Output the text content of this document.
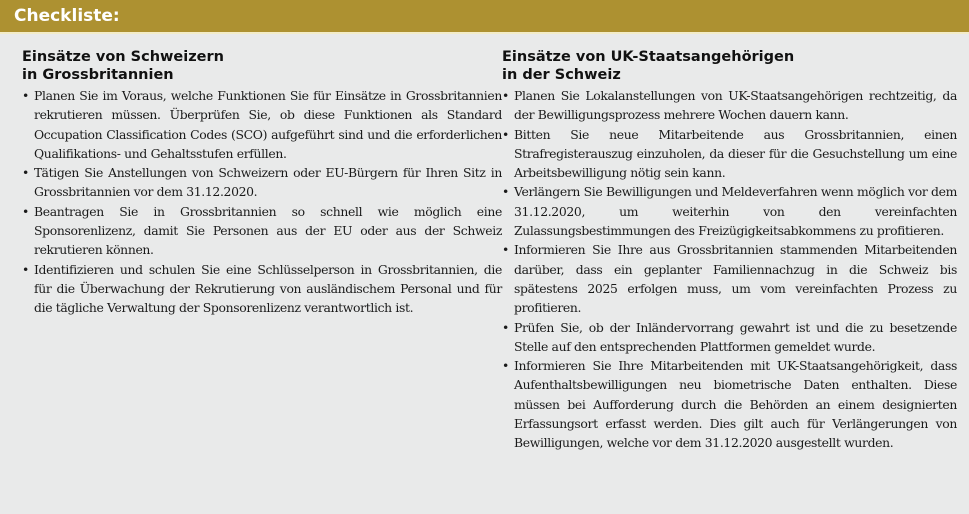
Checkliste:
Einsätze von Schweizern
in Grossbritannien
• Planen Sie im Voraus, welche Funktionen Sie für Einsätze in Grossbritannien rekrutieren müssen. Überprüfen Sie, ob diese Funktionen als Standard Occupation Classification Codes (SCO) aufgeführt sind und die erforderlichen Qualifikations- und Gehaltsstufen erfüllen.
• Tätigen Sie Anstellungen von Schweizern oder EU-Bürgern für Ihren Sitz in Grossbritannien vor dem 31.12.2020.
• Beantragen Sie in Grossbritannien so schnell wie möglich eine Sponsorenlizenz, damit Sie Personen aus der EU oder aus der Schweiz rekrutieren können.
• Identifizieren und schulen Sie eine Schlüsselperson in Grossbritannien, die für die Überwachung der Rekrutierung von ausländischem Personal und für die tägliche Verwaltung der Sponsorenlizenz verantwortlich ist.
Einsätze von UK-Staatsangehörigen
in der Schweiz
• Planen Sie Lokalanstellungen von UK-Staatsangehörigen rechtzeitig, da der Bewilligungsprozess mehrere Wochen dauern kann.
• Bitten Sie neue Mitarbeitende aus Grossbritannien, einen Strafregisterauszug einzuholen, da dieser für die Gesuchstellung um eine Arbeitsbewilligung nötig sein kann.
• Verlängern Sie Bewilligungen und Meldeverfahren wenn möglich vor dem 31.12.2020, um weiterhin von den vereinfachten Zulassungsbestimmungen des Freizügigkeitsabkommens zu profitieren.
• Informieren Sie Ihre aus Grossbritannien stammenden Mitarbeitenden darüber, dass ein geplanter Familiennachzug in die Schweiz bis spätestens 2025 erfolgen muss, um vom vereinfachten Prozess zu profitieren.
• Prüfen Sie, ob der Inländervorrang gewahrt ist und die zu besetzende Stelle auf den entsprechenden Plattformen gemeldet wurde.
• Informieren Sie Ihre Mitarbeitenden mit UK-Staatsangehörigkeit, dass Aufenthaltsbewilligungen neu biometrische Daten enthalten. Diese müssen bei Aufforderung durch die Behörden an einem designierten Erfassungsort erfasst werden. Dies gilt auch für Verlängerungen von Bewilligungen, welche vor dem 31.12.2020 ausgestellt wurden.
